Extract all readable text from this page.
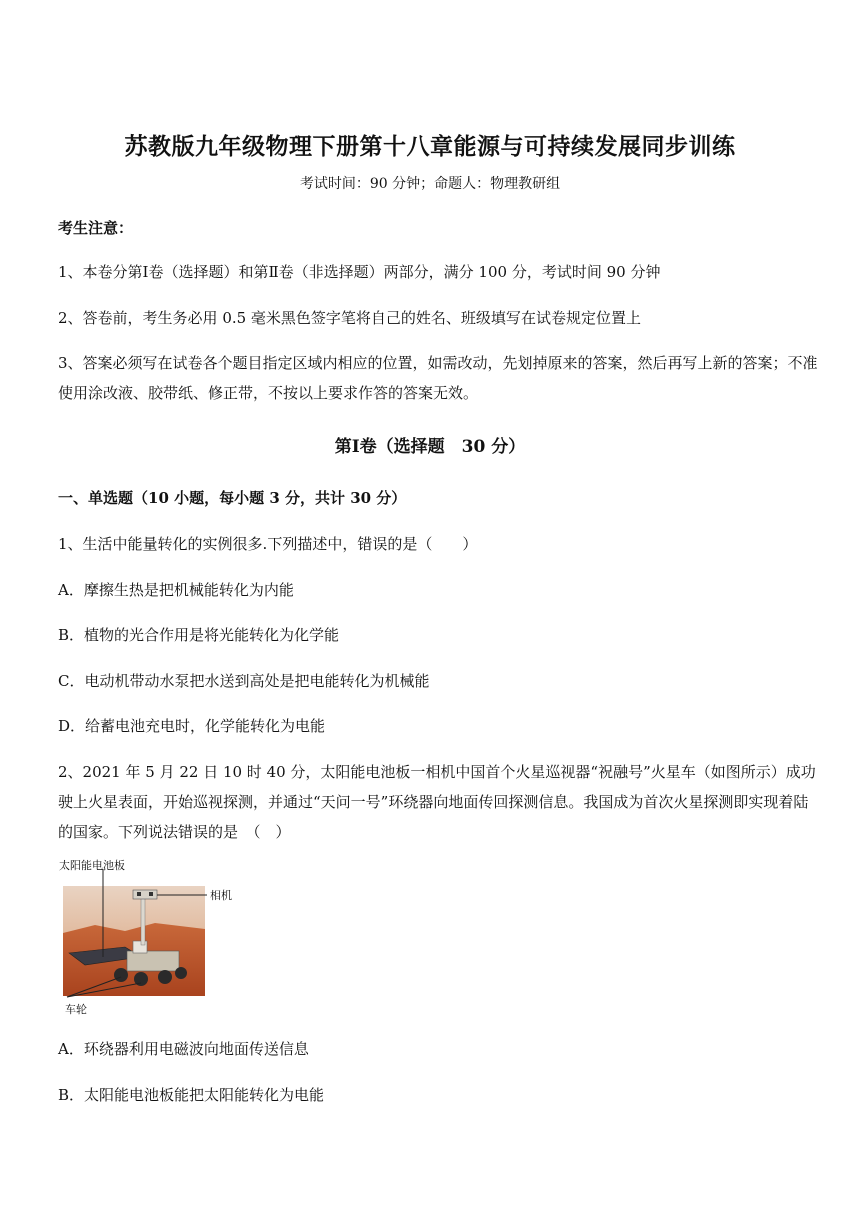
苏教版九年级物理下册第十八章能源与可持续发展同步训练
考试时间：90 分钟；命题人：物理教研组
考生注意：
1、本卷分第Ⅰ卷（选择题）和第Ⅱ卷（非选择题）两部分，满分 100 分，考试时间 90 分钟
2、答卷前，考生务必用 0.5 毫米黑色签字笔将自己的姓名、班级填写在试卷规定位置上
3、答案必须写在试卷各个题目指定区域内相应的位置，如需改动，先划掉原来的答案，然后再写上新的答案；不准使用涂改液、胶带纸、修正带，不按以上要求作答的答案无效。
第Ⅰ卷（选择题　30 分）
一、单选题（10 小题，每小题 3 分，共计 30 分）
1、生活中能量转化的实例很多.下列描述中，错误的是（　　）
A．摩擦生热是把机械能转化为内能
B．植物的光合作用是将光能转化为化学能
C．电动机带动水泵把水送到高处是把电能转化为机械能
D．给蓄电池充电时，化学能转化为电能
2、2021 年 5 月 22 日 10 时 40 分，太阳能电池板一相机中国首个火星巡视器“祝融号”火星车（如图所示）成功驶上火星表面，开始巡视探测，并通过“天问一号”环绕器向地面传回探测信息。我国成为首次火星探测即实现着陆的国家。下列说法错误的是　（　）
太阳能电池板
相机
车轮
A．环绕器利用电磁波向地面传送信息
B．太阳能电池板能把太阳能转化为电能
